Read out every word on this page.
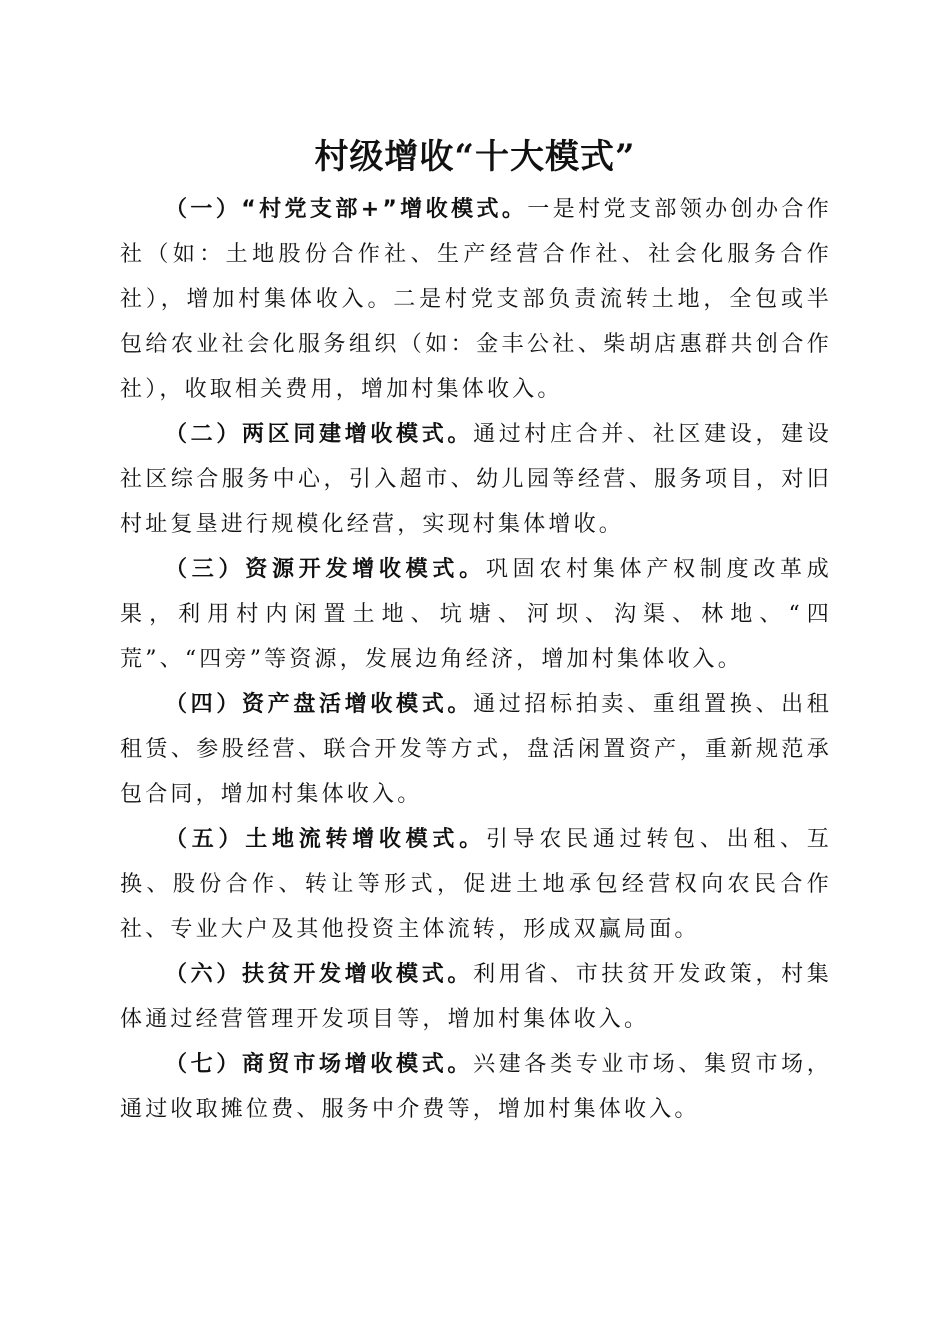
村级增收“十大模式”

（一）“村党支部+”增收模式。一是村党支部领办创办合作社（如：土地股份合作社、生产经营合作社、社会化服务合作社），增加村集体收入。二是村党支部负责流转土地，全包或半包给农业社会化服务组织（如：金丰公社、柴胡店惠群共创合作社），收取相关费用，增加村集体收入。

（二）两区同建增收模式。通过村庄合并、社区建设，建设社区综合服务中心，引入超市、幼儿园等经营、服务项目，对旧村址复垦进行规模化经营，实现村集体增收。

（三）资源开发增收模式。巩固农村集体产权制度改革成果，利用村内闲置土地、坑塘、河坝、沟渠、林地、“四荒”、“四旁”等资源，发展边角经济，增加村集体收入。

（四）资产盘活增收模式。通过招标拍卖、重组置换、出租租赁、参股经营、联合开发等方式，盘活闲置资产，重新规范承包合同，增加村集体收入。

（五）土地流转增收模式。引导农民通过转包、出租、互换、股份合作、转让等形式，促进土地承包经营权向农民合作社、专业大户及其他投资主体流转，形成双赢局面。

（六）扶贫开发增收模式。利用省、市扶贫开发政策，村集体通过经营管理开发项目等，增加村集体收入。

（七）商贸市场增收模式。兴建各类专业市场、集贸市场，通过收取摊位费、服务中介费等，增加村集体收入。
